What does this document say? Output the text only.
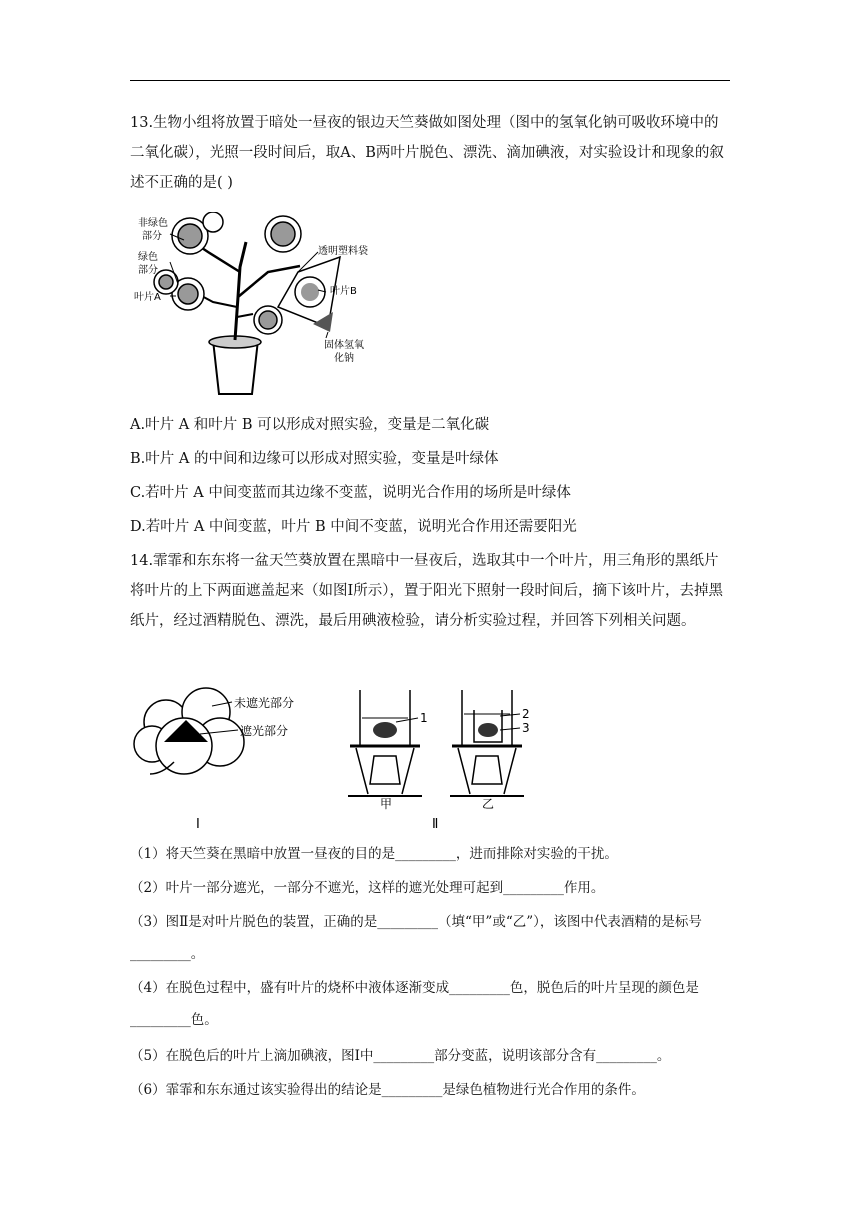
13.生物小组将放置于暗处一昼夜的银边天竺葵做如图处理（图中的氢氧化钠可吸收环境中的二氧化碳），光照一段时间后，取A、B两叶片脱色、漂洗、滴加碘液，对实验设计和现象的叙述不正确的是( )
非绿色
部分
绿色
部分
叶片A
透明塑料袋
叶片B
固体氢氧
化钠
A.叶片 A 和叶片 B 可以形成对照实验，变量是二氧化碳
B.叶片 A 的中间和边缘可以形成对照实验，变量是叶绿体
C.若叶片 A 中间变蓝而其边缘不变蓝，说明光合作用的场所是叶绿体
D.若叶片 A 中间变蓝，叶片 B 中间不变蓝，说明光合作用还需要阳光
14.霏霏和东东将一盆天竺葵放置在黑暗中一昼夜后，选取其中一个叶片，用三角形的黑纸片将叶片的上下两面遮盖起来（如图Ⅰ所示），置于阳光下照射一段时间后，摘下该叶片，去掉黑纸片，经过酒精脱色、漂洗，最后用碘液检验，请分析实验过程，并回答下列相关问题。
未遮光部分
遮光部分
Ⅰ
1
甲
2
3
乙
Ⅱ
（1）将天竺葵在黑暗中放置一昼夜的目的是_________，进而排除对实验的干扰。
（2）叶片一部分遮光，一部分不遮光，这样的遮光处理可起到_________作用。
（3）图Ⅱ是对叶片脱色的装置，正确的是_________（填“甲”或“乙”），该图中代表酒精的是标号_________。
（4）在脱色过程中，盛有叶片的烧杯中液体逐渐变成_________色，脱色后的叶片呈现的颜色是_________色。
（5）在脱色后的叶片上滴加碘液，图Ⅰ中_________部分变蓝，说明该部分含有_________。
（6）霏霏和东东通过该实验得出的结论是_________是绿色植物进行光合作用的条件。
